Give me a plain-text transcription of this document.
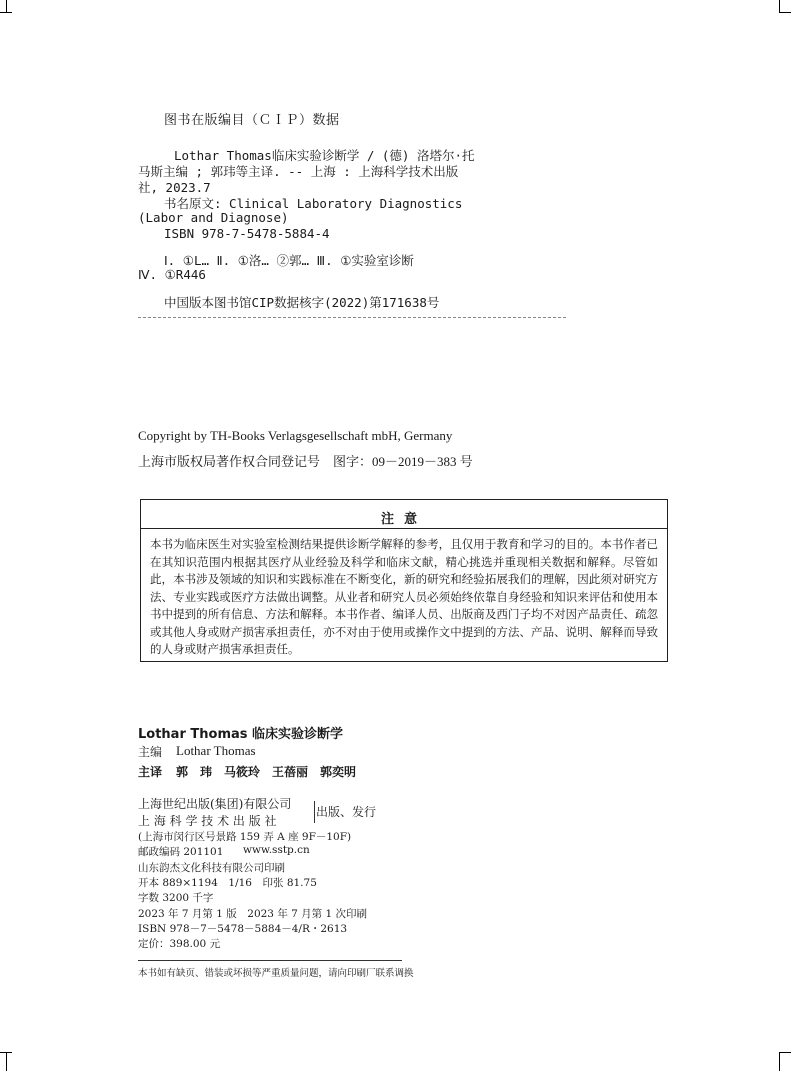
图书在版编目（ＣＩＰ）数据
Lothar Thomas临床实验诊断学 / (德) 洛塔尔·托
马斯主编 ; 郭玮等主译. -- 上海 : 上海科学技术出版
社, 2023.7
书名原文: Clinical Laboratory Diagnostics
(Labor and Diagnose)
ISBN 978-7-5478-5884-4
Ⅰ. ①L… Ⅱ. ①洛… ②郭… Ⅲ. ①实验室诊断
Ⅳ. ①R446
中国版本图书馆CIP数据核字(2022)第171638号
Copyright by TH-Books Verlagsgesellschaft mbH, Germany
上海市版权局著作权合同登记号　图字：09－2019－383 号
注意
本书为临床医生对实验室检测结果提供诊断学解释的参考，且仅用于教育和学习的目的。本书作者已在其知识范围内根据其医疗从业经验及科学和临床文献，精心挑选并重现相关数据和解释。尽管如此，本书涉及领域的知识和实践标准在不断变化，新的研究和经验拓展我们的理解，因此须对研究方法、专业实践或医疗方法做出调整。从业者和研究人员必须始终依靠自身经验和知识来评估和使用本书中提到的所有信息、方法和解释。本书作者、编译人员、出版商及西门子均不对因产品责任、疏忽或其他人身或财产损害承担责任，亦不对由于使用或操作文中提到的方法、产品、说明、解释而导致的人身或财产损害承担责任。
Lothar Thomas 临床实验诊断学
主编 Lothar Thomas
主译 郭　玮　马筱玲　王蓓丽　郭奕明
上海世纪出版(集团)有限公司
上 海 科 学 技 术 出 版 社
出版、发行
(上海市闵行区号景路 159 弄 A 座 9F－10F)
邮政编码 201101 www.sstp.cn
山东韵杰文化科技有限公司印刷
开本 889×1194　1/16　印张 81.75
字数 3200 千字
2023 年 7 月第 1 版　2023 年 7 月第 1 次印刷
ISBN 978－7－5478－5884－4/R・2613
定价：398.00 元
本书如有缺页、错装或坏损等严重质量问题，请向印刷厂联系调换
